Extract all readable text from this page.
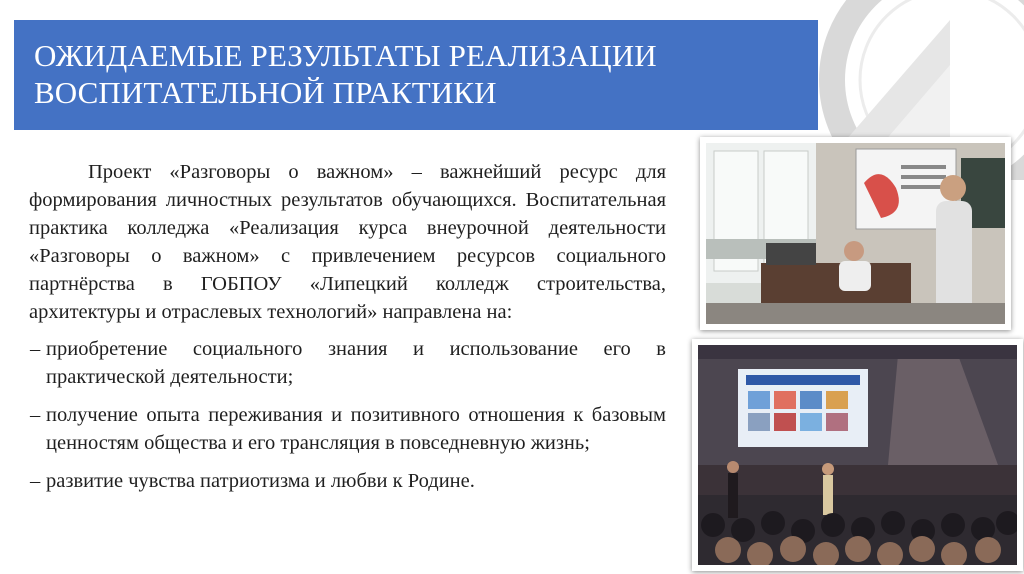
ОЖИДАЕМЫЕ РЕЗУЛЬТАТЫ РЕАЛИЗАЦИИ
ВОСПИТАТЕЛЬНОЙ ПРАКТИКИ

Проект «Разговоры о важном» – важнейший ресурс для формирования личностных результатов обучающихся. Воспитательная практика колледжа «Реализация курса внеурочной деятельности «Разговоры о важном» с привлечением ресурсов социального партнёрства в ГОБПОУ «Липецкий колледж строительства, архитектуры и отраслевых технологий» направлена на:

– приобретение социального знания и использование его в практической деятельности;
– получение опыта переживания и позитивного отношения к базовым ценностям общества и его трансляция в повседневную жизнь;
– развитие чувства патриотизма и любви к Родине.
